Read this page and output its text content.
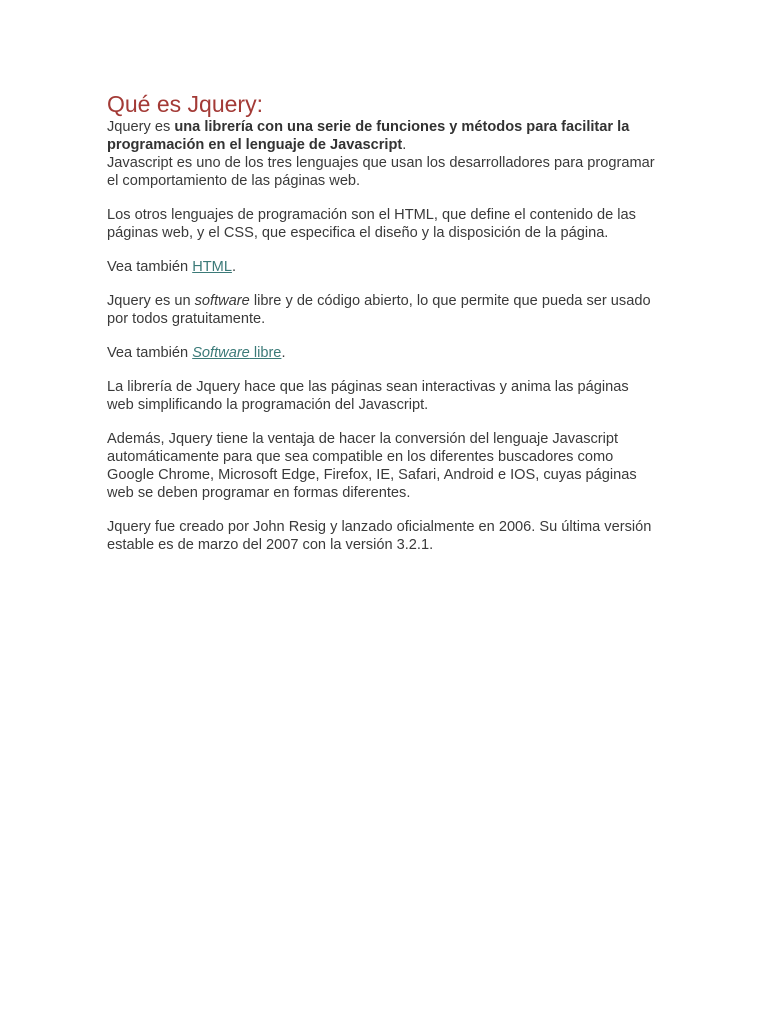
Qué es Jquery:

Jquery es una librería con una serie de funciones y métodos para facilitar la programación en el lenguaje de Javascript.

Javascript es uno de los tres lenguajes que usan los desarrolladores para programar el comportamiento de las páginas web.

Los otros lenguajes de programación son el HTML, que define el contenido de las páginas web, y el CSS, que especifica el diseño y la disposición de la página.

Vea también HTML.

Jquery es un software libre y de código abierto, lo que permite que pueda ser usado por todos gratuitamente.

Vea también Software libre.

La librería de Jquery hace que las páginas sean interactivas y anima las páginas web simplificando la programación del Javascript.

Además, Jquery tiene la ventaja de hacer la conversión del lenguaje Javascript automáticamente para que sea compatible en los diferentes buscadores como Google Chrome, Microsoft Edge, Firefox, IE, Safari, Android e IOS, cuyas páginas web se deben programar en formas diferentes.

Jquery fue creado por John Resig y lanzado oficialmente en 2006. Su última versión estable es de marzo del 2007 con la versión 3.2.1.
